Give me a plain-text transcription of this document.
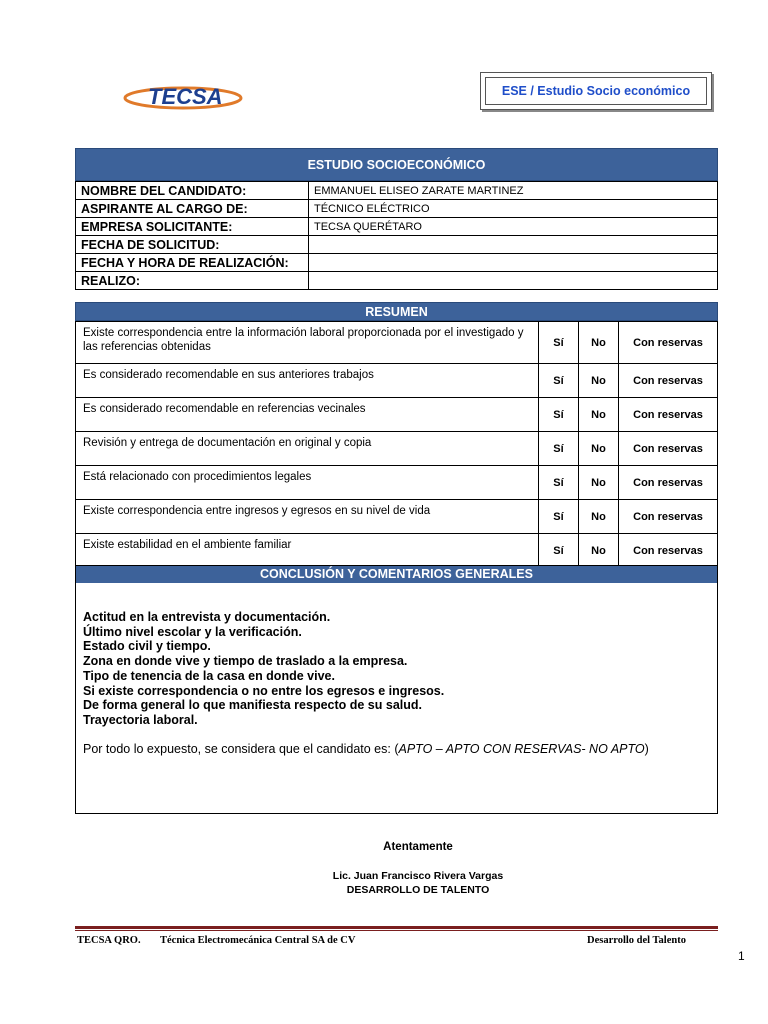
TECSA	ESE / Estudio Socio económico
ESTUDIO SOCIOECONÓMICO
NOMBRE DEL CANDIDATO:	EMMANUEL ELISEO ZARATE MARTINEZ
ASPIRANTE AL CARGO DE:	TÉCNICO ELÉCTRICO
EMPRESA SOLICITANTE:	TECSA QUERÉTARO
FECHA DE SOLICITUD:	
FECHA Y HORA DE REALIZACIÓN:	
REALIZO:	
RESUMEN
Existe correspondencia entre la información laboral proporcionada por el investigado y las referencias obtenidas	Sí	No	Con reservas
Es considerado recomendable en sus anteriores trabajos	Sí	No	Con reservas
Es considerado recomendable en referencias vecinales	Sí	No	Con reservas
Revisión y entrega de documentación en original y copia	Sí	No	Con reservas
Está relacionado con procedimientos legales	Sí	No	Con reservas
Existe correspondencia entre ingresos y egresos en su nivel de vida	Sí	No	Con reservas
Existe estabilidad en el ambiente familiar	Sí	No	Con reservas
CONCLUSIÓN Y COMENTARIOS GENERALES
Actitud en la entrevista y documentación.
Último nivel escolar y la verificación.
Estado civil y tiempo.
Zona en donde vive y tiempo de traslado a la empresa.
Tipo de tenencia de la casa en donde vive.
Si existe correspondencia o no entre los egresos e ingresos.
De forma general lo que manifiesta respecto de su salud.
Trayectoria laboral.
Por todo lo expuesto, se considera que el candidato es: (APTO – APTO CON RESERVAS- NO APTO)
Atentamente
Lic. Juan Francisco Rivera Vargas
DESARROLLO DE TALENTO
TECSA QRO. Técnica Electromecánica Central SA de CV	Desarrollo del Talento
1
